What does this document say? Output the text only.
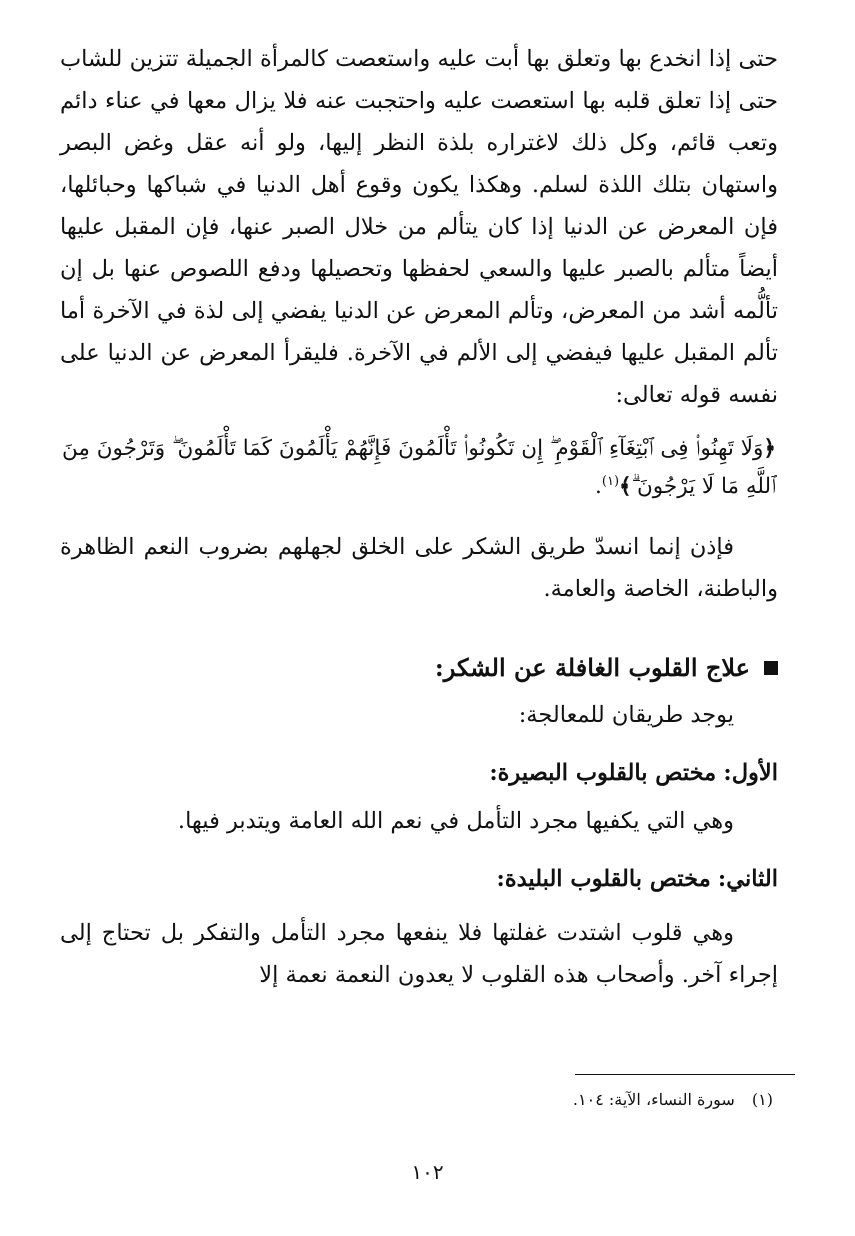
حتى إذا انخدع بها وتعلق بها أبت عليه واستعصت كالمرأة الجميلة تتزين للشاب حتى إذا تعلق قلبه بها استعصت عليه واحتجبت عنه فلا يزال معها في عناء دائم وتعب قائم، وكل ذلك لاغتراره بلذة النظر إليها، ولو أنه عقل وغض البصر واستهان بتلك اللذة لسلم. وهكذا يكون وقوع أهل الدنيا في شباكها وحبائلها، فإن المعرض عن الدنيا إذا كان يتألم من خلال الصبر عنها، فإن المقبل عليها أيضاً متألم بالصبر عليها والسعي لحفظها وتحصيلها ودفع اللصوص عنها بل إن تألُّمه أشد من المعرض، وتألم المعرض عن الدنيا يفضي إلى لذة في الآخرة أما تألم المقبل عليها فيفضي إلى الألم في الآخرة. فليقرأ المعرض عن الدنيا على نفسه قوله تعالى:

﴿وَلَا تَهِنُوا۟ فِى ٱبْتِغَآءِ ٱلْقَوْمِ ۖ إِن تَكُونُوا۟ تَأْلَمُونَ فَإِنَّهُمْ يَأْلَمُونَ كَمَا تَأْلَمُونَ ۖ وَتَرْجُونَ مِنَ ٱللَّهِ مَا لَا يَرْجُونَ ۗ﴾$^{(١)}$.

فإذن إنما انسدّ طريق الشكر على الخلق لجهلهم بضروب النعم الظاهرة والباطنة، الخاصة والعامة.

علاج القلوب الغافلة عن الشكر:
يوجد طريقان للمعالجة:
الأول: مختص بالقلوب البصيرة:
وهي التي يكفيها مجرد التأمل في نعم الله العامة ويتدبر فيها.
الثاني: مختص بالقلوب البليدة:

وهي قلوب اشتدت غفلتها فلا ينفعها مجرد التأمل والتفكر بل تحتاج إلى إجراء آخر. وأصحاب هذه القلوب لا يعدون النعمة نعمة إلا

(١) سورة النساء، الآية: ١٠٤.
١٠٢
